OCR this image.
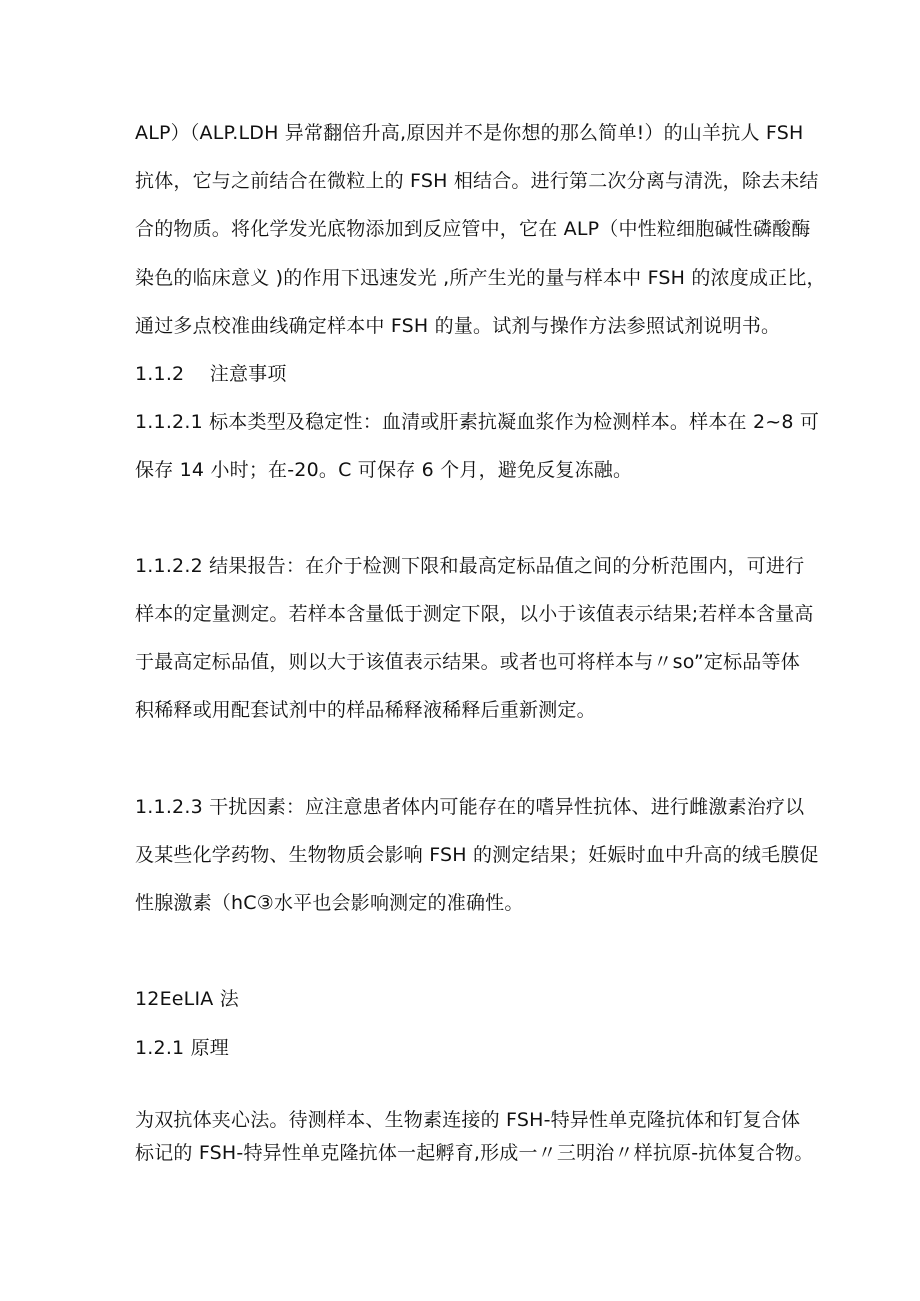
ALP）（ALP.LDH 异常翻倍升高,原因并不是你想的那么简单!）的山羊抗人 FSH
抗体，它与之前结合在微粒上的 FSH 相结合。进行第二次分离与清洗，除去未结
合的物质。将化学发光底物添加到反应管中，它在 ALP（中性粒细胞碱性磷酸酶
染色的临床意义 )的作用下迅速发光 ,所产生光的量与样本中 FSH 的浓度成正比，
通过多点校准曲线确定样本中 FSH 的量。试剂与操作方法参照试剂说明书。
1.1.2　 注意事项
1.1.2.1 标本类型及稳定性：血清或肝素抗凝血浆作为检测样本。样本在 2~8 可
保存 14 小时；在-20。C 可保存 6 个月，避免反复冻融。
1.1.2.2 结果报告：在介于检测下限和最高定标品值之间的分析范围内，可进行
样本的定量测定。若样本含量低于测定下限，以小于该值表示结果;若样本含量高
于最高定标品值，则以大于该值表示结果。或者也可将样本与〃so”定标品等体
积稀释或用配套试剂中的样品稀释液稀释后重新测定。
1.1.2.3 干扰因素：应注意患者体内可能存在的嗜异性抗体、进行雌激素治疗以
及某些化学药物、生物物质会影响 FSH 的测定结果；妊娠时血中升高的绒毛膜促
性腺激素（hC③水平也会影响测定的准确性。
12EeLIA 法
1.2.1 原理
为双抗体夹心法。待测样本、生物素连接的 FSH-特异性单克隆抗体和钉复合体
标记的 FSH-特异性单克隆抗体一起孵育,形成一〃三明治〃样抗原-抗体复合物。
